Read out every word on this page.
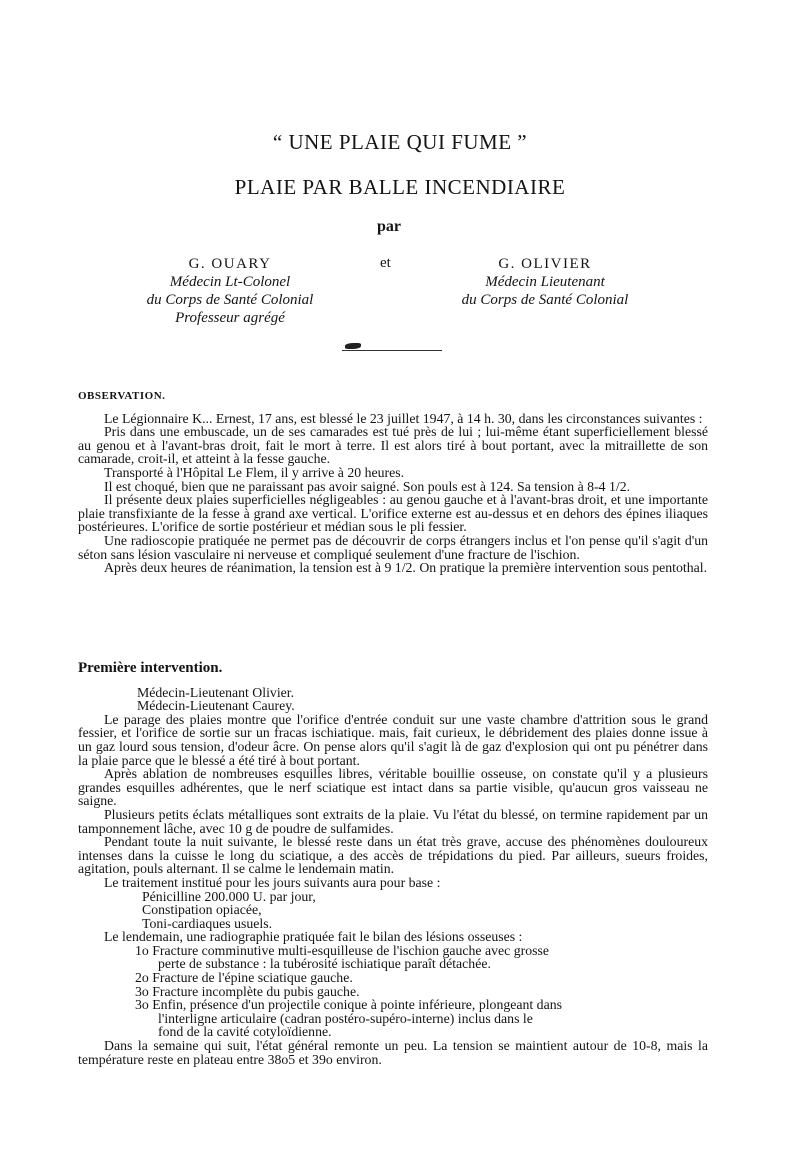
“ UNE PLAIE QUI FUME ”
PLAIE PAR BALLE INCENDIAIRE
par
G. OUARY
Médecin Lt-Colonel
du Corps de Santé Colonial
Professeur agrégé
et	G. OLIVIER
Médecin Lieutenant
du Corps de Santé Colonial

OBSERVATION.

Le Légionnaire K... Ernest, 17 ans, est blessé le 23 juillet 1947, à 14 h. 30, dans les circonstances suivantes :

Pris dans une embuscade, un de ses camarades est tué près de lui ; lui-même étant superficiellement blessé au genou et à l'avant-bras droit, fait le mort à terre. Il est alors tiré à bout portant, avec la mitraillette de son camarade, croit-il, et atteint à la fesse gauche.

Transporté à l'Hôpital Le Flem, il y arrive à 20 heures.

Il est choqué, bien que ne paraissant pas avoir saigné. Son pouls est à 124. Sa tension à 8-4 1/2.

Il présente deux plaies superficielles négligeables : au genou gauche et à l'avant-bras droit, et une importante plaie transfixiante de la fesse à grand axe vertical. L'orifice externe est au-dessus et en dehors des épines iliaques postérieures. L'orifice de sortie postérieur et médian sous le pli fessier.

Une radioscopie pratiquée ne permet pas de découvrir de corps étrangers inclus et l'on pense qu'il s'agit d'un séton sans lésion vasculaire ni nerveuse et compliqué seulement d'une fracture de l'ischion.

Après deux heures de réanimation, la tension est à 9 1/2. On pratique la première intervention sous pentothal.

Première intervention.

Médecin-Lieutenant Olivier.

Médecin-Lieutenant Caurey.

Le parage des plaies montre que l'orifice d'entrée conduit sur une vaste chambre d'attrition sous le grand fessier, et l'orifice de sortie sur un fracas ischiatique. mais, fait curieux, le débridement des plaies donne issue à un gaz lourd sous tension, d'odeur âcre. On pense alors qu'il s'agit là de gaz d'explosion qui ont pu pénétrer dans la plaie parce que le blessé a été tiré à bout portant.

Après ablation de nombreuses esquilles libres, véritable bouillie osseuse, on constate qu'il y a plusieurs grandes esquilles adhérentes, que le nerf sciatique est intact dans sa partie visible, qu'aucun gros vaisseau ne saigne.

Plusieurs petits éclats métalliques sont extraits de la plaie. Vu l'état du blessé, on termine rapidement par un tamponnement lâche, avec 10 g de poudre de sulfamides.

Pendant toute la nuit suivante, le blessé reste dans un état très grave, accuse des phénomènes douloureux intenses dans la cuisse le long du sciatique, a des accès de trépidations du pied. Par ailleurs, sueurs froides, agitation, pouls alternant. Il se calme le lendemain matin.

Le traitement institué pour les jours suivants aura pour base :

Pénicilline 200.000 U. par jour,

Constipation opiacée,

Toni-cardiaques usuels.

Le lendemain, une radiographie pratiquée fait le bilan des lésions osseuses :

1o Fracture comminutive multi-esquilleuse de l'ischion gauche avec grosse

perte de substance : la tubérosité ischiatique paraît détachée.

2o Fracture de l'épine sciatique gauche.

3o Fracture incomplète du pubis gauche.

3o Enfin, présence d'un projectile conique à pointe inférieure, plongeant dans

l'interligne articulaire (cadran postéro-supéro-interne) inclus dans le

fond de la cavité cotyloïdienne.

Dans la semaine qui suit, l'état général remonte un peu. La tension se maintient autour de 10-8, mais la température reste en plateau entre 38o5 et 39o environ.
